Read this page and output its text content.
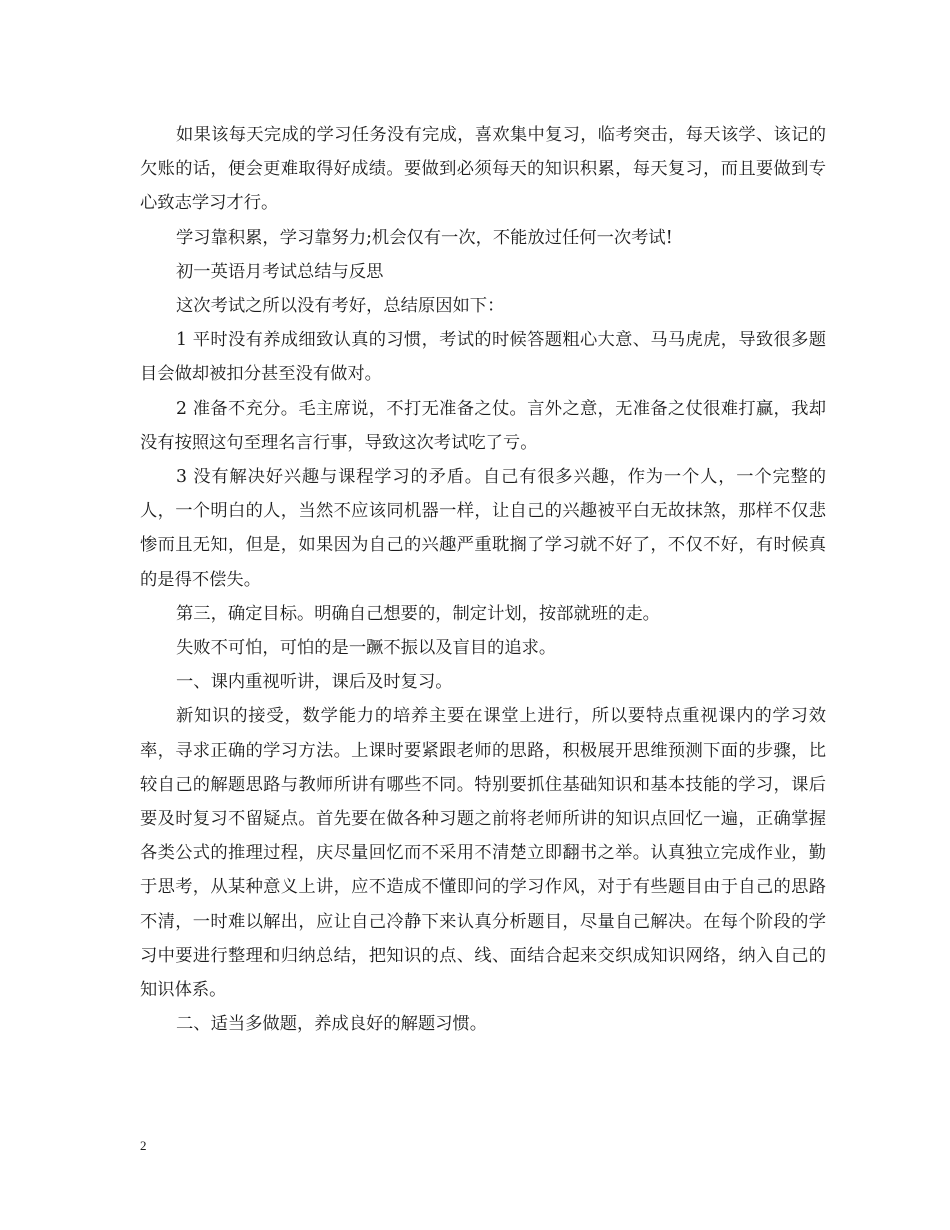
如果该每天完成的学习任务没有完成，喜欢集中复习，临考突击，每天该学、该记的欠账的话，便会更难取得好成绩。要做到必须每天的知识积累，每天复习，而且要做到专心致志学习才行。

学习靠积累，学习靠努力;机会仅有一次，不能放过任何一次考试!

初一英语月考试总结与反思

这次考试之所以没有考好，总结原因如下：

1 平时没有养成细致认真的习惯，考试的时候答题粗心大意、马马虎虎，导致很多题目会做却被扣分甚至没有做对。

2 准备不充分。毛主席说，不打无准备之仗。言外之意，无准备之仗很难打赢，我却没有按照这句至理名言行事，导致这次考试吃了亏。

3 没有解决好兴趣与课程学习的矛盾。自己有很多兴趣，作为一个人，一个完整的人，一个明白的人，当然不应该同机器一样，让自己的兴趣被平白无故抹煞，那样不仅悲惨而且无知，但是，如果因为自己的兴趣严重耽搁了学习就不好了，不仅不好，有时候真的是得不偿失。

第三，确定目标。明确自己想要的，制定计划，按部就班的走。

失败不可怕，可怕的是一蹶不振以及盲目的追求。

一、课内重视听讲，课后及时复习。

新知识的接受，数学能力的培养主要在课堂上进行，所以要特点重视课内的学习效率，寻求正确的学习方法。上课时要紧跟老师的思路，积极展开思维预测下面的步骤，比较自己的解题思路与教师所讲有哪些不同。特别要抓住基础知识和基本技能的学习，课后要及时复习不留疑点。首先要在做各种习题之前将老师所讲的知识点回忆一遍，正确掌握各类公式的推理过程，庆尽量回忆而不采用不清楚立即翻书之举。认真独立完成作业，勤于思考，从某种意义上讲，应不造成不懂即问的学习作风，对于有些题目由于自己的思路不清，一时难以解出，应让自己冷静下来认真分析题目，尽量自己解决。在每个阶段的学习中要进行整理和归纳总结，把知识的点、线、面结合起来交织成知识网络，纳入自己的知识体系。

二、适当多做题，养成良好的解题习惯。

2
